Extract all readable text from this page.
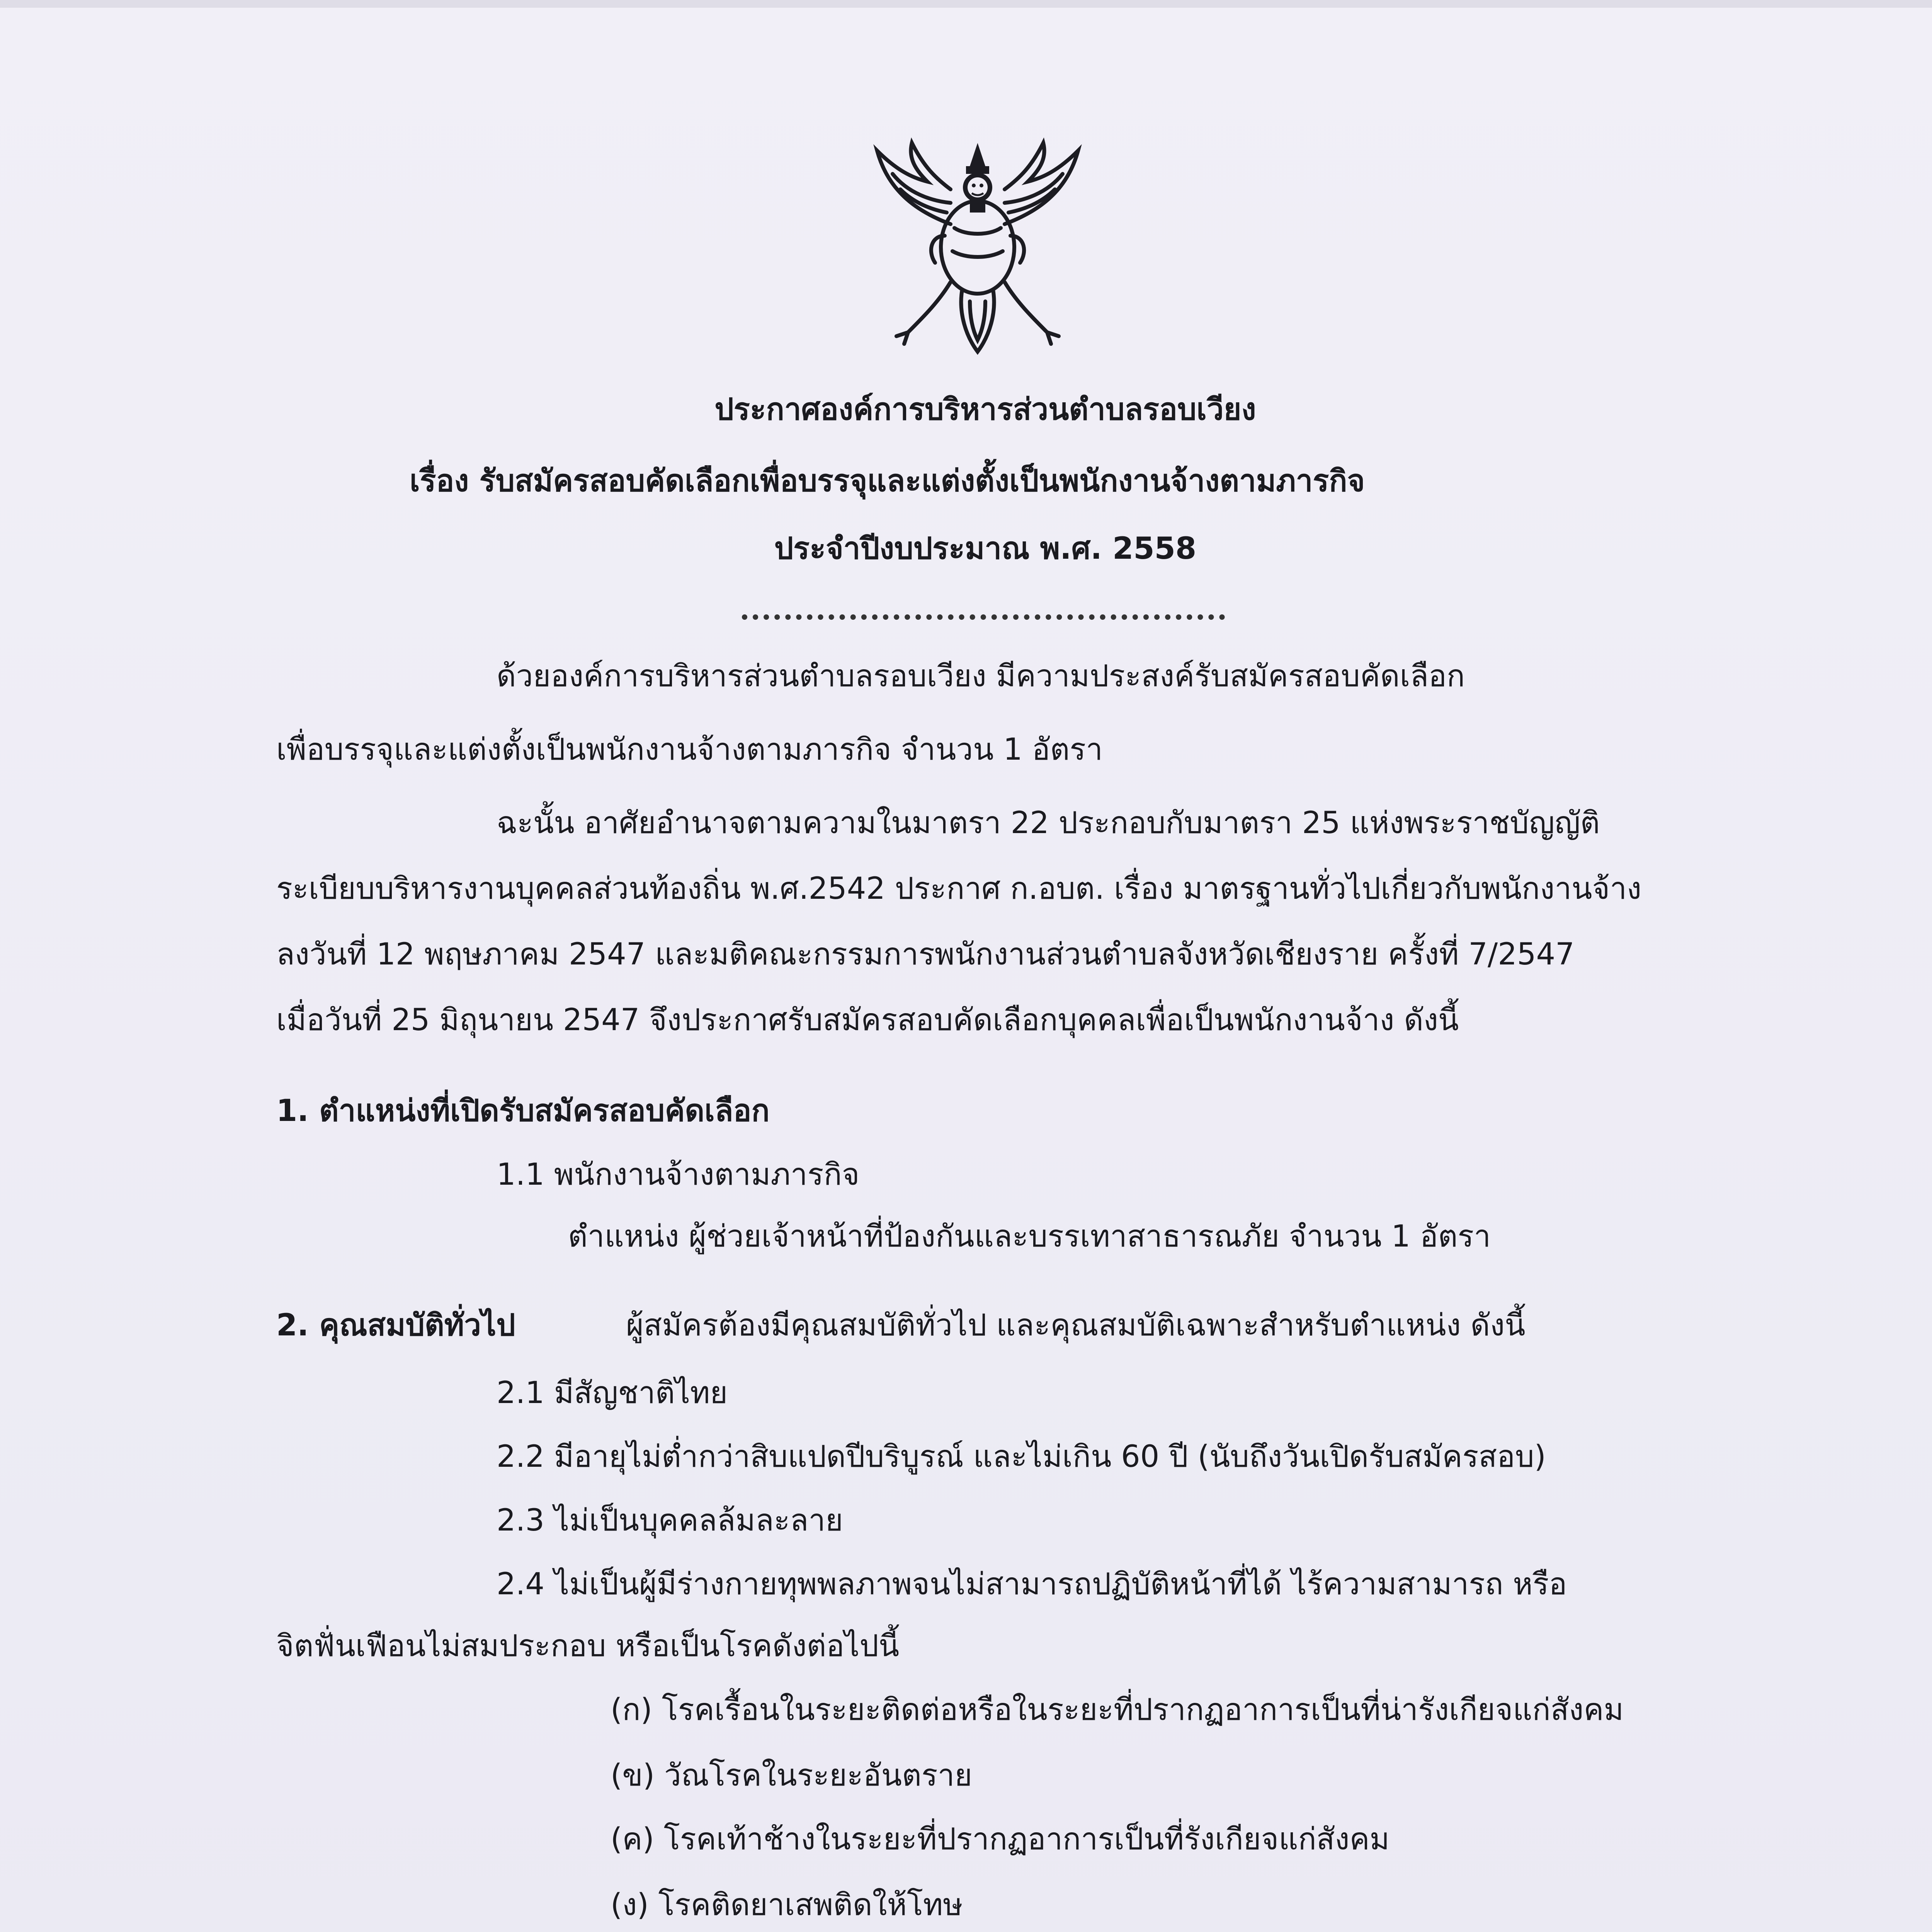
ประกาศองค์การบริหารส่วนตำบลรอบเวียง
เรื่อง รับสมัครสอบคัดเลือกเพื่อบรรจุและแต่งตั้งเป็นพนักงานจ้างตามภารกิจ
ประจำปีงบประมาณ พ.ศ. 2558
ด้วยองค์การบริหารส่วนตำบลรอบเวียง มีความประสงค์รับสมัครสอบคัดเลือก
เพื่อบรรจุและแต่งตั้งเป็นพนักงานจ้างตามภารกิจ จำนวน 1 อัตรา
ฉะนั้น อาศัยอำนาจตามความในมาตรา 22 ประกอบกับมาตรา 25 แห่งพระราชบัญญัติ
ระเบียบบริหารงานบุคคลส่วนท้องถิ่น พ.ศ.2542 ประกาศ ก.อบต. เรื่อง มาตรฐานทั่วไปเกี่ยวกับพนักงานจ้าง
ลงวันที่ 12 พฤษภาคม 2547 และมติคณะกรรมการพนักงานส่วนตำบลจังหวัดเชียงราย ครั้งที่ 7/2547
เมื่อวันที่ 25 มิถุนายน 2547 จึงประกาศรับสมัครสอบคัดเลือกบุคคลเพื่อเป็นพนักงานจ้าง ดังนี้
1. ตำแหน่งที่เปิดรับสมัครสอบคัดเลือก
1.1 พนักงานจ้างตามภารกิจ
ตำแหน่ง ผู้ช่วยเจ้าหน้าที่ป้องกันและบรรเทาสาธารณภัย จำนวน 1 อัตรา
2. คุณสมบัติทั่วไป	ผู้สมัครต้องมีคุณสมบัติทั่วไป และคุณสมบัติเฉพาะสำหรับตำแหน่ง ดังนี้
2.1 มีสัญชาติไทย
2.2 มีอายุไม่ต่ำกว่าสิบแปดปีบริบูรณ์ และไม่เกิน 60 ปี (นับถึงวันเปิดรับสมัครสอบ)
2.3 ไม่เป็นบุคคลล้มละลาย
2.4 ไม่เป็นผู้มีร่างกายทุพพลภาพจนไม่สามารถปฏิบัติหน้าที่ได้ ไร้ความสามารถ หรือ
จิตฟั่นเฟือนไม่สมประกอบ หรือเป็นโรคดังต่อไปนี้
(ก) โรคเรื้อนในระยะติดต่อหรือในระยะที่ปรากฏอาการเป็นที่น่ารังเกียจแก่สังคม
(ข) วัณโรคในระยะอันตราย
(ค) โรคเท้าช้างในระยะที่ปรากฏอาการเป็นที่รังเกียจแก่สังคม
(ง) โรคติดยาเสพติดให้โทษ
